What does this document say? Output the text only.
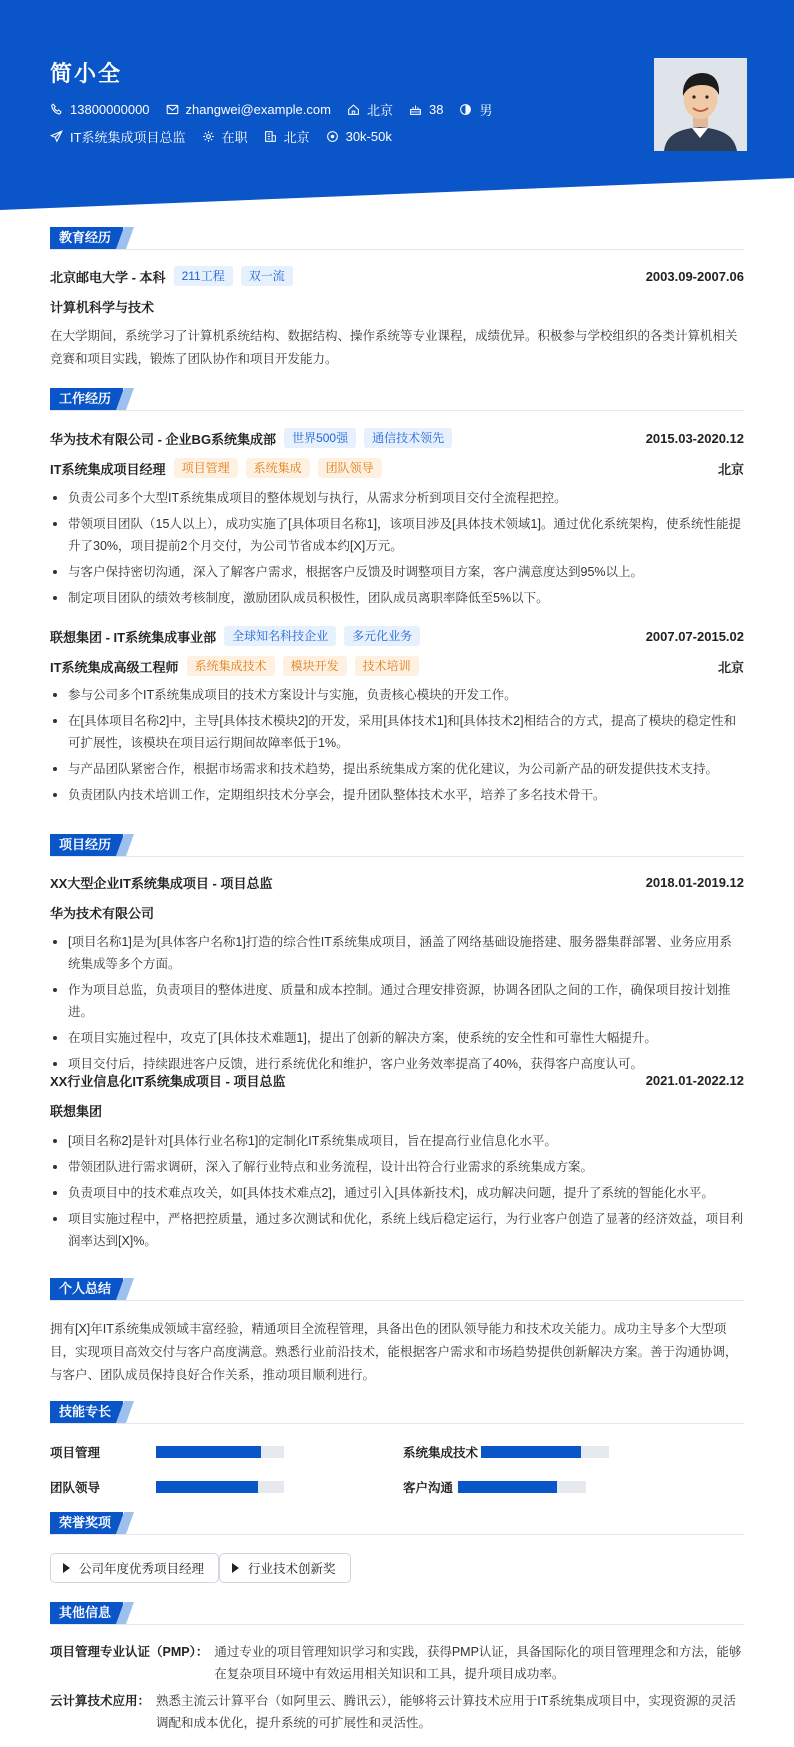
简小全
13800000000	zhangwei@example.com	北京	38	男
IT系统集成项目总监	在职	北京	30k-50k
教育经历
北京邮电大学 - 本科	211工程	双一流	2003.09-2007.06
计算机科学与技术
在大学期间，系统学习了计算机系统结构、数据结构、操作系统等专业课程，成绩优异。积极参与学校组织的各类计算机相关竞赛和项目实践，锻炼了团队协作和项目开发能力。
工作经历
华为技术有限公司 - 企业BG系统集成部	世界500强	通信技术领先	2015.03-2020.12
IT系统集成项目经理	项目管理	系统集成	团队领导	北京
负责公司多个大型IT系统集成项目的整体规划与执行，从需求分析到项目交付全流程把控。
带领项目团队（15人以上），成功实施了[具体项目名称1]，该项目涉及[具体技术领域1]。通过优化系统架构，使系统性能提升了30%，项目提前2个月交付，为公司节省成本约[X]万元。
与客户保持密切沟通，深入了解客户需求，根据客户反馈及时调整项目方案，客户满意度达到95%以上。
制定项目团队的绩效考核制度，激励团队成员积极性，团队成员离职率降低至5%以下。
联想集团 - IT系统集成事业部	全球知名科技企业	多元化业务	2007.07-2015.02
IT系统集成高级工程师	系统集成技术	模块开发	技术培训	北京
参与公司多个IT系统集成项目的技术方案设计与实施，负责核心模块的开发工作。
在[具体项目名称2]中，主导[具体技术模块2]的开发，采用[具体技术1]和[具体技术2]相结合的方式，提高了模块的稳定性和可扩展性，该模块在项目运行期间故障率低于1%。
与产品团队紧密合作，根据市场需求和技术趋势，提出系统集成方案的优化建议，为公司新产品的研发提供技术支持。
负责团队内技术培训工作，定期组织技术分享会，提升团队整体技术水平，培养了多名技术骨干。
项目经历
XX大型企业IT系统集成项目 - 项目总监	2018.01-2019.12
华为技术有限公司
[项目名称1]是为[具体客户名称1]打造的综合性IT系统集成项目，涵盖了网络基础设施搭建、服务器集群部署、业务应用系统集成等多个方面。
作为项目总监，负责项目的整体进度、质量和成本控制。通过合理安排资源，协调各团队之间的工作，确保项目按计划推进。
在项目实施过程中，攻克了[具体技术难题1]，提出了创新的解决方案，使系统的安全性和可靠性大幅提升。
项目交付后，持续跟进客户反馈，进行系统优化和维护，客户业务效率提高了40%，获得客户高度认可。
XX行业信息化IT系统集成项目 - 项目总监	2021.01-2022.12
联想集团
[项目名称2]是针对[具体行业名称1]的定制化IT系统集成项目，旨在提高行业信息化水平。
带领团队进行需求调研，深入了解行业特点和业务流程，设计出符合行业需求的系统集成方案。
负责项目中的技术难点攻关，如[具体技术难点2]，通过引入[具体新技术]，成功解决问题，提升了系统的智能化水平。
项目实施过程中，严格把控质量，通过多次测试和优化，系统上线后稳定运行，为行业客户创造了显著的经济效益，项目利润率达到[X]%。
个人总结
拥有[X]年IT系统集成领域丰富经验，精通项目全流程管理，具备出色的团队领导能力和技术攻关能力。成功主导多个大型项目，实现项目高效交付与客户高度满意。熟悉行业前沿技术，能根据客户需求和市场趋势提供创新解决方案。善于沟通协调，与客户、团队成员保持良好合作关系，推动项目顺利进行。
技能专长
项目管理	系统集成技术
团队领导	客户沟通
荣誉奖项
公司年度优秀项目经理	行业技术创新奖
其他信息
项目管理专业认证（PMP）： 通过专业的项目管理知识学习和实践，获得PMP认证，具备国际化的项目管理理念和方法，能够在复杂项目环境中有效运用相关知识和工具，提升项目成功率。
云计算技术应用： 熟悉主流云计算平台（如阿里云、腾讯云），能够将云计算技术应用于IT系统集成项目中，实现资源的灵活调配和成本优化，提升系统的可扩展性和灵活性。
